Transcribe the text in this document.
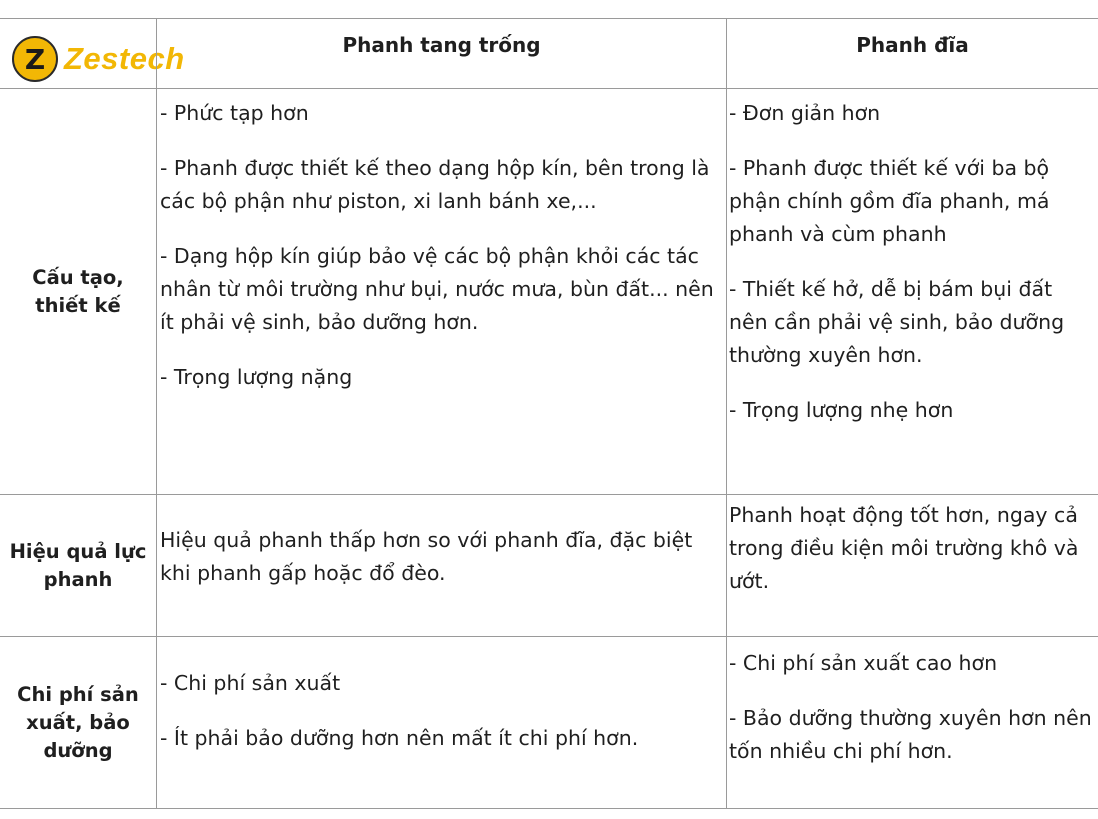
Z Zestech	Phanh tang trống	Phanh đĩa
Cấu tạo, thiết kế

- Phức tạp hơn

- Phanh được thiết kế theo dạng hộp kín, bên trong là các bộ phận như piston, xi lanh bánh xe,...

- Dạng hộp kín giúp bảo vệ các bộ phận khỏi các tác nhân từ môi trường như bụi, nước mưa, bùn đất... nên ít phải vệ sinh, bảo dưỡng hơn.

- Trọng lượng nặng

- Đơn giản hơn

- Phanh được thiết kế với ba bộ phận chính gồm đĩa phanh, má phanh và cùm phanh

- Thiết kế hở, dễ bị bám bụi đất nên cần phải vệ sinh, bảo dưỡng thường xuyên hơn.

- Trọng lượng nhẹ hơn

Hiệu quả lực phanh

Hiệu quả phanh thấp hơn so với phanh đĩa, đặc biệt khi phanh gấp hoặc đổ đèo.

Phanh hoạt động tốt hơn, ngay cả trong điều kiện môi trường khô và ướt.

Chi phí sản xuất, bảo dưỡng

- Chi phí sản xuất

- Ít phải bảo dưỡng hơn nên mất ít chi phí hơn.

- Chi phí sản xuất cao hơn

- Bảo dưỡng thường xuyên hơn nên tốn nhiều chi phí hơn.
